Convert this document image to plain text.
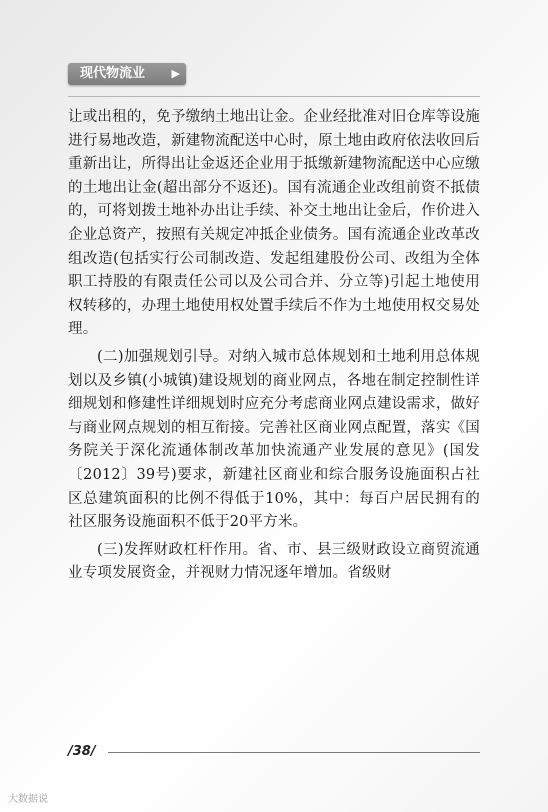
现代物流业 ▶

让或出租的，免予缴纳土地出让金。企业经批准对旧仓库等设施进行易地改造，新建物流配送中心时，原土地由政府依法收回后重新出让，所得出让金返还企业用于抵缴新建物流配送中心应缴的土地出让金(超出部分不返还)。国有流通企业改组前资不抵债的，可将划拨土地补办出让手续、补交土地出让金后，作价进入企业总资产，按照有关规定冲抵企业债务。国有流通企业改革改组改造(包括实行公司制改造、发起组建股份公司、改组为全体职工持股的有限责任公司以及公司合并、分立等)引起土地使用权转移的，办理土地使用权处置手续后不作为土地使用权交易处理。

(二)加强规划引导。对纳入城市总体规划和土地利用总体规划以及乡镇(小城镇)建设规划的商业网点，各地在制定控制性详细规划和修建性详细规划时应充分考虑商业网点建设需求，做好与商业网点规划的相互衔接。完善社区商业网点配置，落实《国务院关于深化流通体制改革加快流通产业发展的意见》(国发〔2012〕39号)要求，新建社区商业和综合服务设施面积占社区总建筑面积的比例不得低于10%，其中：每百户居民拥有的社区服务设施面积不低于20平方米。

(三)发挥财政杠杆作用。省、市、县三级财政设立商贸流通业专项发展资金，并视财力情况逐年增加。省级财

/38/
大数据说
